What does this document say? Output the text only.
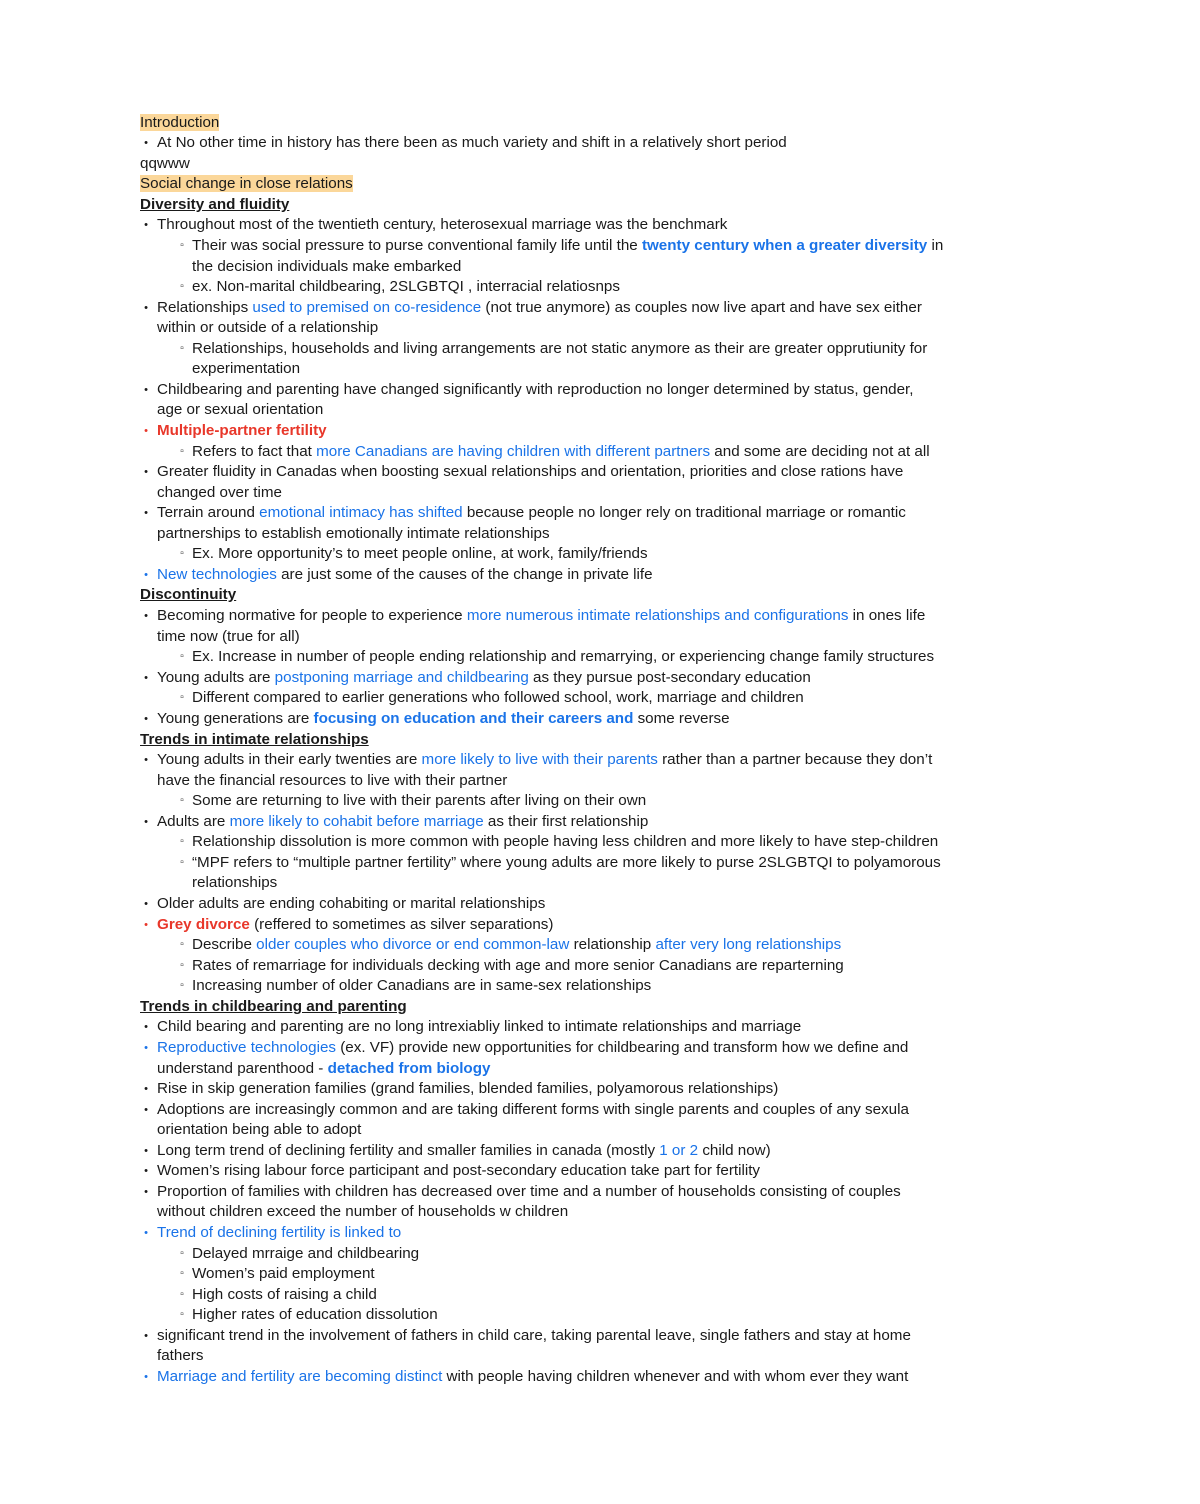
Introduction
• At No other time in history has there been as much variety and shift in a relatively short period
qqwww
Social change in close relations
Diversity and fluidity
• Throughout most of the twentieth century, heterosexual marriage was the benchmark
▫ Their was social pressure to purse conventional family life until the twenty century when a greater diversity in
the decision individuals make embarked
▫ ex. Non-marital childbearing, 2SLGBTQI , interracial relatiosnps
• Relationships used to premised on co-residence (not true anymore) as couples now live apart and have sex either
within or outside of a relationship
▫ Relationships, households and living arrangements are not static anymore as their are greater opprutiunity for
experimentation
• Childbearing and parenting have changed significantly with reproduction no longer determined by status, gender,
age or sexual orientation
• Multiple-partner fertility
▫ Refers to fact that more Canadians are having children with different partners and some are deciding not at all
• Greater fluidity in Canadas when boosting sexual relationships and orientation, priorities and close rations have
changed over time
• Terrain around emotional intimacy has shifted because people no longer rely on traditional marriage or romantic
partnerships to establish emotionally intimate relationships
▫ Ex. More opportunity’s to meet people online, at work, family/friends
• New technologies are just some of the causes of the change in private life
Discontinuity
• Becoming normative for people to experience more numerous intimate relationships and configurations in ones life
time now (true for all)
▫ Ex. Increase in number of people ending relationship and remarrying, or experiencing change family structures
• Young adults are postponing marriage and childbearing as they pursue post-secondary education
▫ Different compared to earlier generations who followed school, work, marriage and children
• Young generations are focusing on education and their careers and some reverse
Trends in intimate relationships
• Young adults in their early twenties are more likely to live with their parents rather than a partner because they don’t
have the financial resources to live with their partner
▫ Some are returning to live with their parents after living on their own
• Adults are more likely to cohabit before marriage as their first relationship
▫ Relationship dissolution is more common with people having less children and more likely to have step-children
▫ “MPF refers to “multiple partner fertility” where young adults are more likely to purse 2SLGBTQI to polyamorous
relationships
• Older adults are ending cohabiting or marital relationships
• Grey divorce (reffered to sometimes as silver separations)
▫ Describe older couples who divorce or end common-law relationship after very long relationships
▫ Rates of remarriage for individuals decking with age and more senior Canadians are reparterning
▫ Increasing number of older Canadians are in same-sex relationships
Trends in childbearing and parenting
• Child bearing and parenting are no long intrexiabliy linked to intimate relationships and marriage
• Reproductive technologies (ex. VF) provide new opportunities for childbearing and transform how we define and
understand parenthood - detached from biology
• Rise in skip generation families (grand families, blended families, polyamorous relationships)
• Adoptions are increasingly common and are taking different forms with single parents and couples of any sexula
orientation being able to adopt
• Long term trend of declining fertility and smaller families in canada (mostly 1 or 2 child now)
• Women’s rising labour force participant and post-secondary education take part for fertility
• Proportion of families with children has decreased over time and a number of households consisting of couples
without children exceed the number of households w children
• Trend of declining fertility is linked to
▫ Delayed mrraige and childbearing
▫ Women’s paid employment
▫ High costs of raising a child
▫ Higher rates of education dissolution
• significant trend in the involvement of fathers in child care, taking parental leave, single fathers and stay at home
fathers
• Marriage and fertility are becoming distinct with people having children whenever and with whom ever they want
